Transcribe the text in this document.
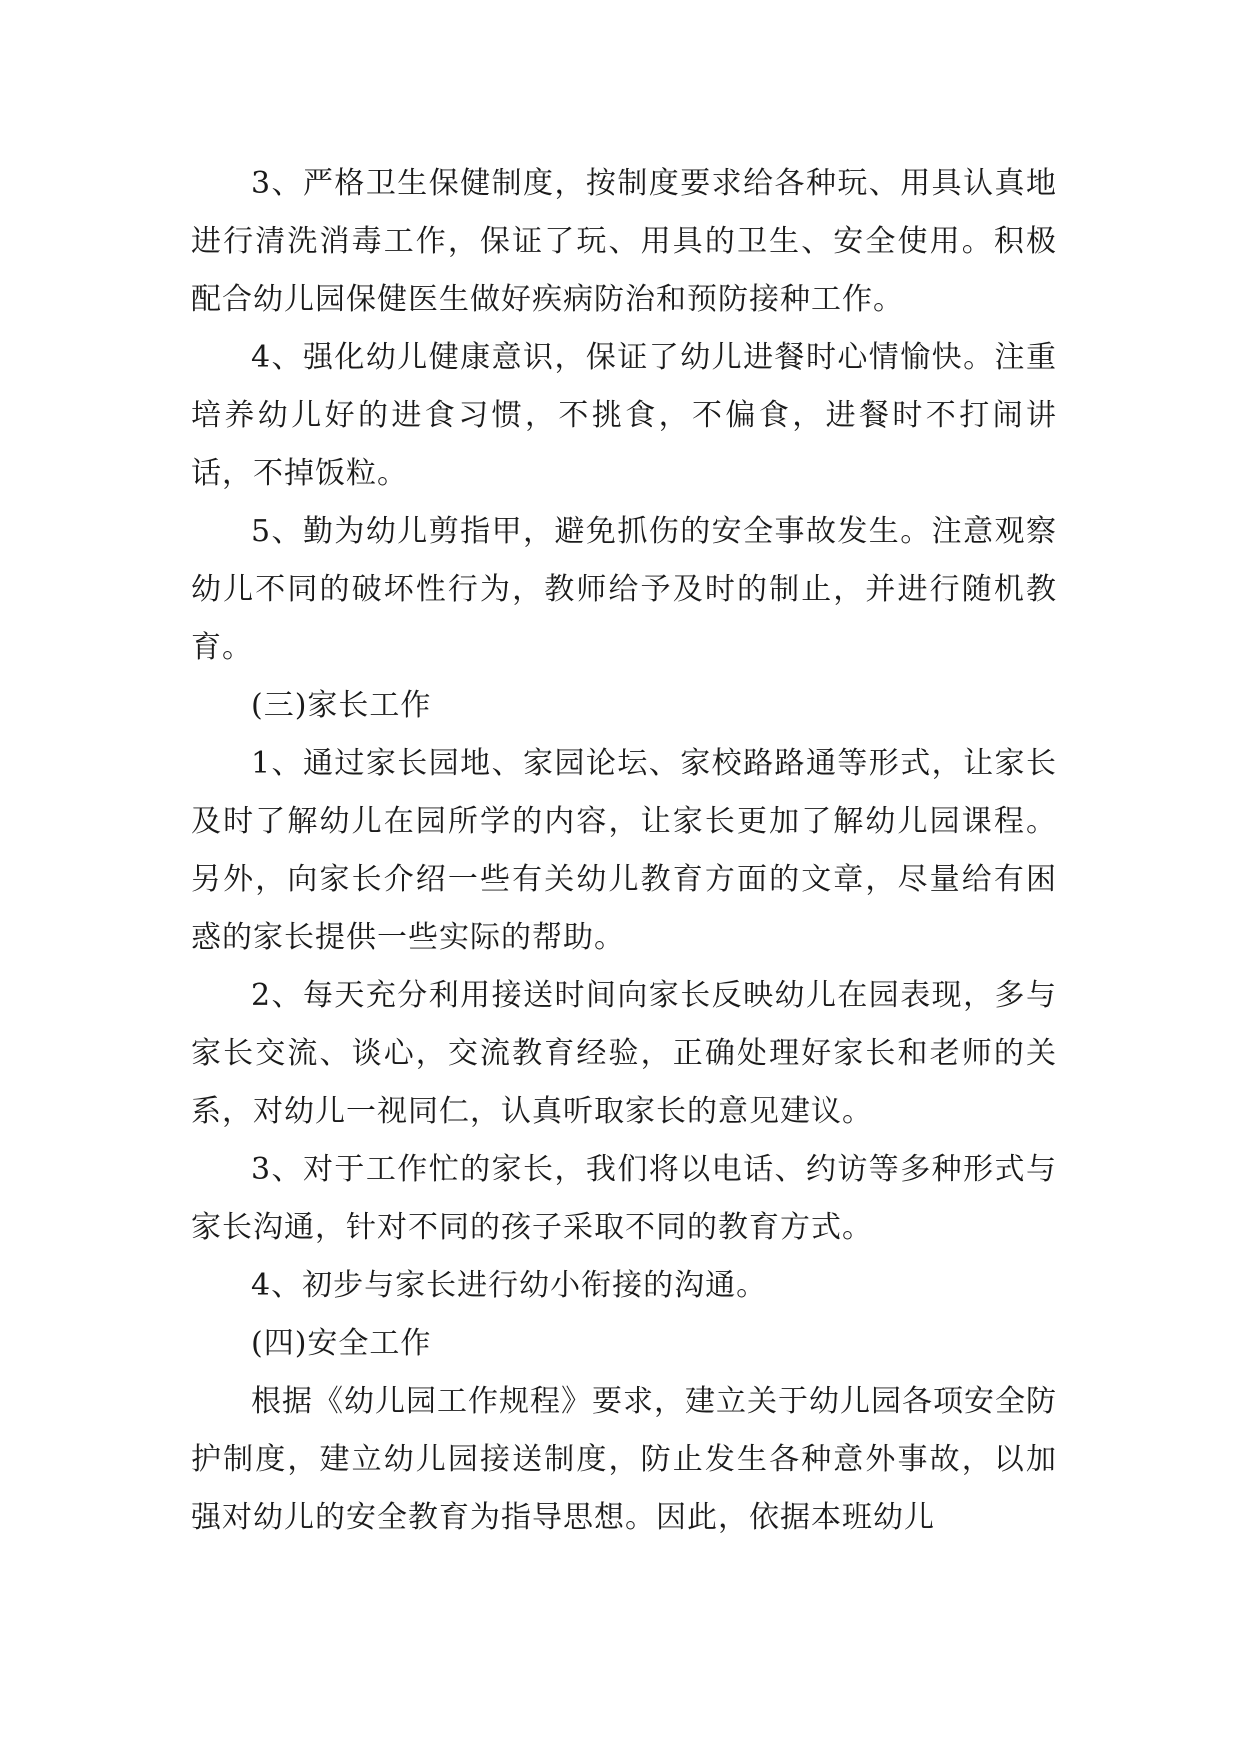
3、严格卫生保健制度，按制度要求给各种玩、用具认真地进行清洗消毒工作，保证了玩、用具的卫生、安全使用。积极配合幼儿园保健医生做好疾病防治和预防接种工作。

4、强化幼儿健康意识，保证了幼儿进餐时心情愉快。注重培养幼儿好的进食习惯，不挑食，不偏食，进餐时不打闹讲话，不掉饭粒。

5、勤为幼儿剪指甲，避免抓伤的安全事故发生。注意观察幼儿不同的破坏性行为，教师给予及时的制止，并进行随机教育。

(三)家长工作

1、通过家长园地、家园论坛、家校路路通等形式，让家长及时了解幼儿在园所学的内容，让家长更加了解幼儿园课程。另外，向家长介绍一些有关幼儿教育方面的文章，尽量给有困惑的家长提供一些实际的帮助。

2、每天充分利用接送时间向家长反映幼儿在园表现，多与家长交流、谈心，交流教育经验，正确处理好家长和老师的关系，对幼儿一视同仁，认真听取家长的意见建议。

3、对于工作忙的家长，我们将以电话、约访等多种形式与家长沟通，针对不同的孩子采取不同的教育方式。

4、初步与家长进行幼小衔接的沟通。

(四)安全工作

根据《幼儿园工作规程》要求，建立关于幼儿园各项安全防护制度，建立幼儿园接送制度，防止发生各种意外事故，以加强对幼儿的安全教育为指导思想。因此，依据本班幼儿
